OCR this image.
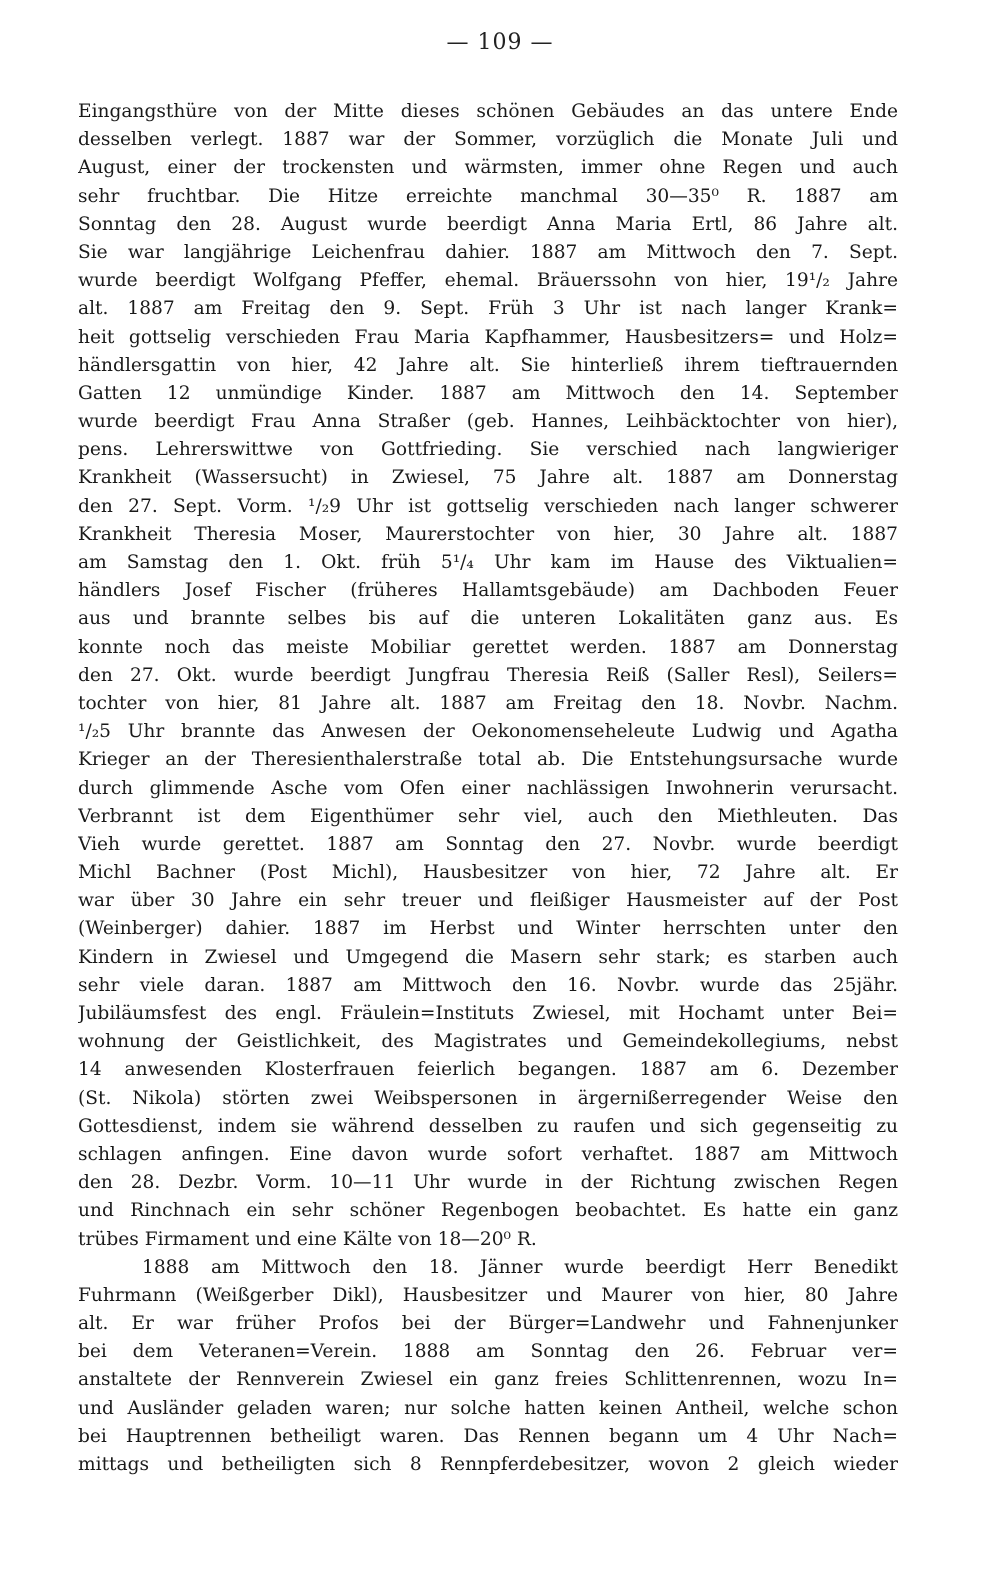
— 109 —
Eingangsthüre von der Mitte dieses schönen Gebäudes an das untere Ende
desselben verlegt. 1887 war der Sommer, vorzüglich die Monate Juli und
August, einer der trockensten und wärmsten, immer ohne Regen und auch
sehr fruchtbar. Die Hitze erreichte manchmal 30—35⁰ R. 1887 am
Sonntag den 28. August wurde beerdigt Anna Maria Ertl, 86 Jahre alt.
Sie war langjährige Leichenfrau dahier. 1887 am Mittwoch den 7. Sept.
wurde beerdigt Wolfgang Pfeffer, ehemal. Bräuerssohn von hier, 19¹/₂ Jahre
alt. 1887 am Freitag den 9. Sept. Früh 3 Uhr ist nach langer Krank=
heit gottselig verschieden Frau Maria Kapfhammer, Hausbesitzers= und Holz=
händlersgattin von hier, 42 Jahre alt. Sie hinterließ ihrem tieftrauernden
Gatten 12 unmündige Kinder. 1887 am Mittwoch den 14. September
wurde beerdigt Frau Anna Straßer (geb. Hannes, Leihbäcktochter von hier),
pens. Lehrerswittwe von Gottfrieding. Sie verschied nach langwieriger
Krankheit (Wassersucht) in Zwiesel, 75 Jahre alt. 1887 am Donnerstag
den 27. Sept. Vorm. ¹/₂9 Uhr ist gottselig verschieden nach langer schwerer
Krankheit Theresia Moser, Maurerstochter von hier, 30 Jahre alt. 1887
am Samstag den 1. Okt. früh 5¹/₄ Uhr kam im Hause des Viktualien=
händlers Josef Fischer (früheres Hallamtsgebäude) am Dachboden Feuer
aus und brannte selbes bis auf die unteren Lokalitäten ganz aus. Es
konnte noch das meiste Mobiliar gerettet werden. 1887 am Donnerstag
den 27. Okt. wurde beerdigt Jungfrau Theresia Reiß (Saller Resl), Seilers=
tochter von hier, 81 Jahre alt. 1887 am Freitag den 18. Novbr. Nachm.
¹/₂5 Uhr brannte das Anwesen der Oekonomenseheleute Ludwig und Agatha
Krieger an der Theresienthalerstraße total ab. Die Entstehungsursache wurde
durch glimmende Asche vom Ofen einer nachlässigen Inwohnerin verursacht.
Verbrannt ist dem Eigenthümer sehr viel, auch den Miethleuten. Das
Vieh wurde gerettet. 1887 am Sonntag den 27. Novbr. wurde beerdigt
Michl Bachner (Post Michl), Hausbesitzer von hier, 72 Jahre alt. Er
war über 30 Jahre ein sehr treuer und fleißiger Hausmeister auf der Post
(Weinberger) dahier. 1887 im Herbst und Winter herrschten unter den
Kindern in Zwiesel und Umgegend die Masern sehr stark; es starben auch
sehr viele daran. 1887 am Mittwoch den 16. Novbr. wurde das 25jähr.
Jubiläumsfest des engl. Fräulein=Instituts Zwiesel, mit Hochamt unter Bei=
wohnung der Geistlichkeit, des Magistrates und Gemeindekollegiums, nebst
14 anwesenden Klosterfrauen feierlich begangen. 1887 am 6. Dezember
(St. Nikola) störten zwei Weibspersonen in ärgernißerregender Weise den
Gottesdienst, indem sie während desselben zu raufen und sich gegenseitig zu
schlagen anfingen. Eine davon wurde sofort verhaftet. 1887 am Mittwoch
den 28. Dezbr. Vorm. 10—11 Uhr wurde in der Richtung zwischen Regen
und Rinchnach ein sehr schöner Regenbogen beobachtet. Es hatte ein ganz
trübes Firmament und eine Kälte von 18—20⁰ R.
1888 am Mittwoch den 18. Jänner wurde beerdigt Herr Benedikt
Fuhrmann (Weißgerber Dikl), Hausbesitzer und Maurer von hier, 80 Jahre
alt. Er war früher Profos bei der Bürger=Landwehr und Fahnenjunker
bei dem Veteranen=Verein. 1888 am Sonntag den 26. Februar ver=
anstaltete der Rennverein Zwiesel ein ganz freies Schlittenrennen, wozu In=
und Ausländer geladen waren; nur solche hatten keinen Antheil, welche schon
bei Hauptrennen betheiligt waren. Das Rennen begann um 4 Uhr Nach=
mittags und betheiligten sich 8 Rennpferdebesitzer, wovon 2 gleich wieder
